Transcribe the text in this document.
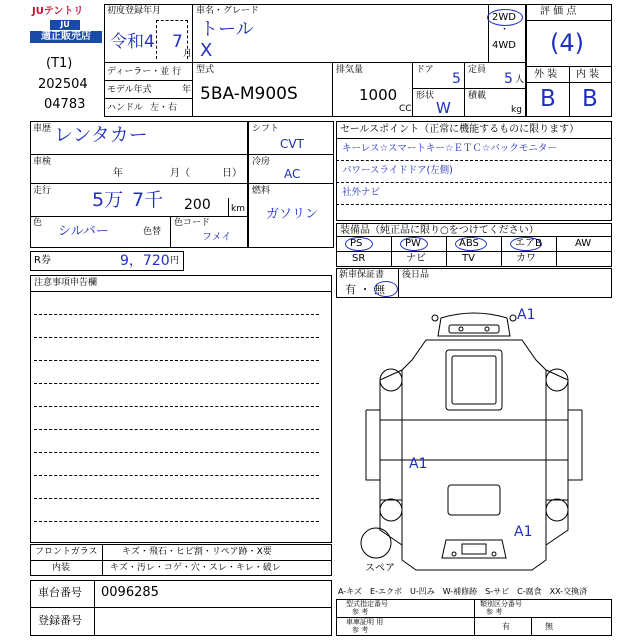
JUテントリ
JU
適正販売店
(T1)
202504
04783
初度登録年月
令和4 7
月
車名・グレード
トール
X
2WD
・
4WD
ディーラー・並 行
モデル年式	年
ハンドル 左・右
型式
5BA-M900S
排気量
1000
CC
ドア
5
定員
5 人
形状
W
積載
kg
評 価 点
(4)
外 装 内 装
B B
車歴 レンタカー
車検
年	月（	日）
走行 5万 7千 200 km
色
シルバー	色替
色コード
フメイ
R券	9，720 円
シフト
CVT
冷房
AC
燃料
ガソリン
セールスポイント（正常に機能するものに限ります）
キーレス☆スマートキー☆ＥＴＣ☆バックモニター
パワースライドドア(左側)
社外ナビ
装備品（純正品に限り○をつけてください）
PS	PW	ABS	エアB	AW
SR	ナビ	TV	カワ
新車保証書
有 ・ 無
後日品
注意事項申告欄
フロントガラス	キズ・飛石・ヒビ割・リペア跡・X要
内装	キズ・汚レ・コゲ・穴・スレ・キレ・破レ
車台番号 0096285
登録番号
A1
A1
A1
スペア
A-キズ　E-エクボ　U-凹み　W-補修跡　S-サビ　C-腐食　XX-交換済
型式指定番号
参 考
類別区分番号
参 考
車庫証明 用
参 考	有	無
